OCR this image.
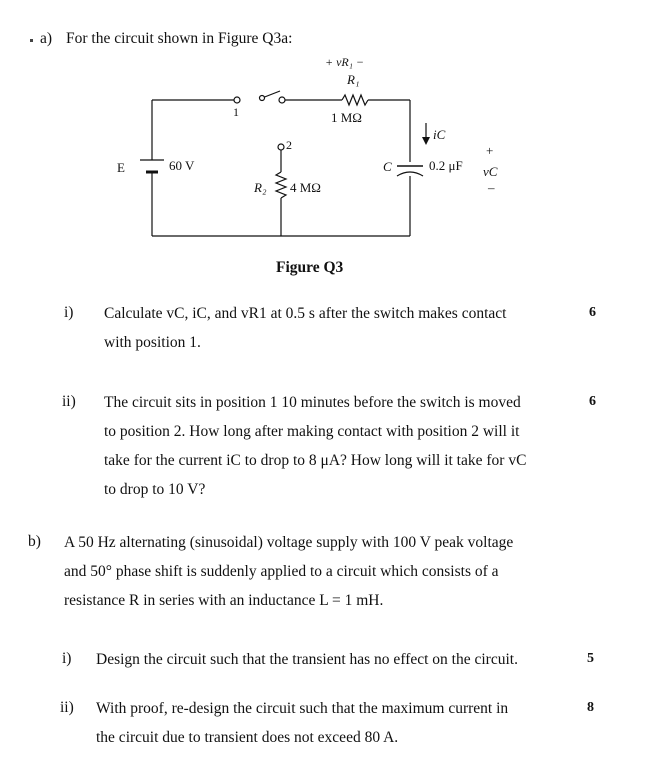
a) For the circuit shown in Figure Q3a:
E	60 V
1
2
+ vR₁ −
R₁
1 MΩ
R₂ 4 MΩ
C	0.2 μF
iC
+
vC
–
Figure Q3
i) Calculate vC, iC, and vR1 at 0.5 s after the switch makes contact
with position 1.
6
ii) The circuit sits in position 1 10 minutes before the switch is moved
to position 2. How long after making contact with position 2 will it
take for the current iC to drop to 8 μA? How long will it take for vC
to drop to 10 V?
6
b) A 50 Hz alternating (sinusoidal) voltage supply with 100 V peak voltage
and 50° phase shift is suddenly applied to a circuit which consists of a
resistance R in series with an inductance L = 1 mH.
i) Design the circuit such that the transient has no effect on the circuit.	5
ii) With proof, re-design the circuit such that the maximum current in
the circuit due to transient does not exceed 80 A.
8
